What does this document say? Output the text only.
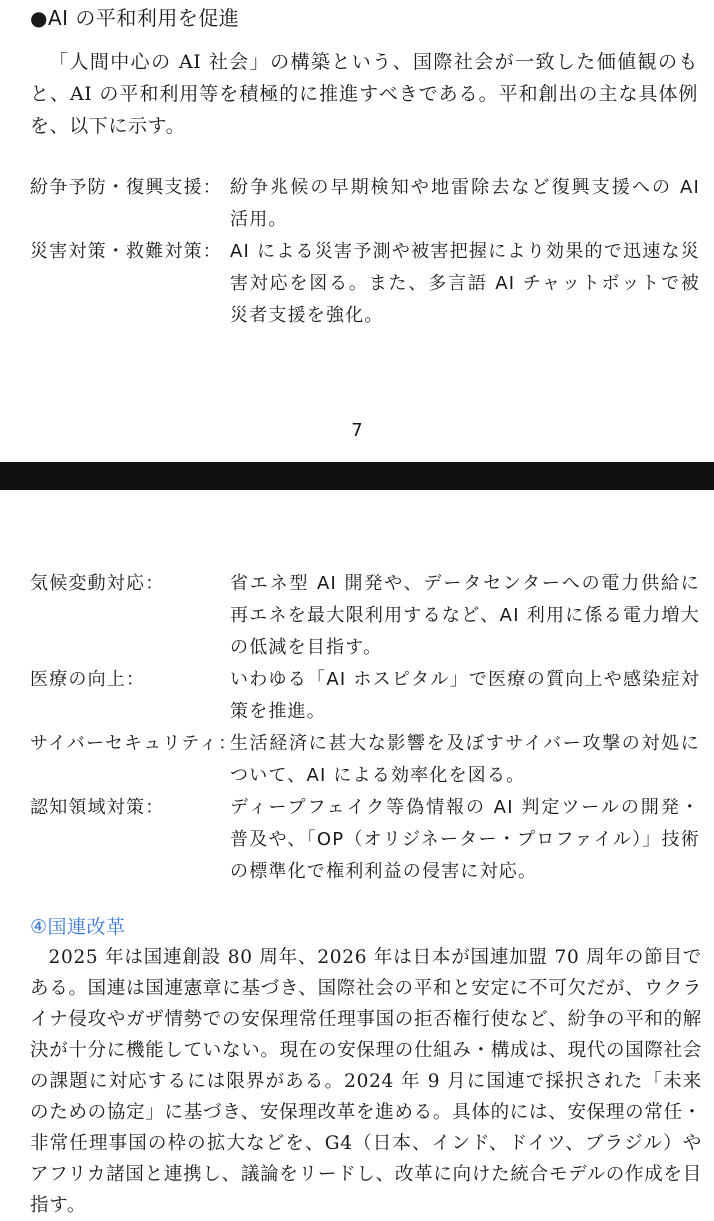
●AI の平和利用を促進
「人間中心の AI 社会」の構築という、国際社会が一致した価値観のもと、AI の平和利用等を積極的に推進すべきである。平和創出の主な具体例を、以下に示す。
紛争予防・復興支援： 紛争兆候の早期検知や地雷除去など復興支援への AI 活用。
災害対策・救難対策： AI による災害予測や被害把握により効果的で迅速な災害対応を図る。また、多言語 AI チャットボットで被災者支援を強化。
7
気候変動対応：	省エネ型 AI 開発や、データセンターへの電力供給に再エネを最大限利用するなど、AI 利用に係る電力増大の低減を目指す。
医療の向上：	いわゆる「AI ホスピタル」で医療の質向上や感染症対策を推進。
サイバーセキュリティ：
生活経済に甚大な影響を及ぼすサイバー攻撃の対処について、AI による効率化を図る。
認知領域対策：	ディープフェイク等偽情報の AI 判定ツールの開発・普及や、「OP（オリジネーター・プロファイル）」技術の標準化で権利利益の侵害に対応。
④国連改革
2025 年は国連創設 80 周年、2026 年は日本が国連加盟 70 周年の節目である。国連は国連憲章に基づき、国際社会の平和と安定に不可欠だが、ウクライナ侵攻やガザ情勢での安保理常任理事国の拒否権行使など、紛争の平和的解決が十分に機能していない。現在の安保理の仕組み・構成は、現代の国際社会の課題に対応するには限界がある。2024 年 9 月に国連で採択された「未来のための協定」に基づき、安保理改革を進める。具体的には、安保理の常任・非常任理事国の枠の拡大などを、G4（日本、インド、ドイツ、ブラジル）やアフリカ諸国と連携し、議論をリードし、改革に向けた統合モデルの作成を目指す。
